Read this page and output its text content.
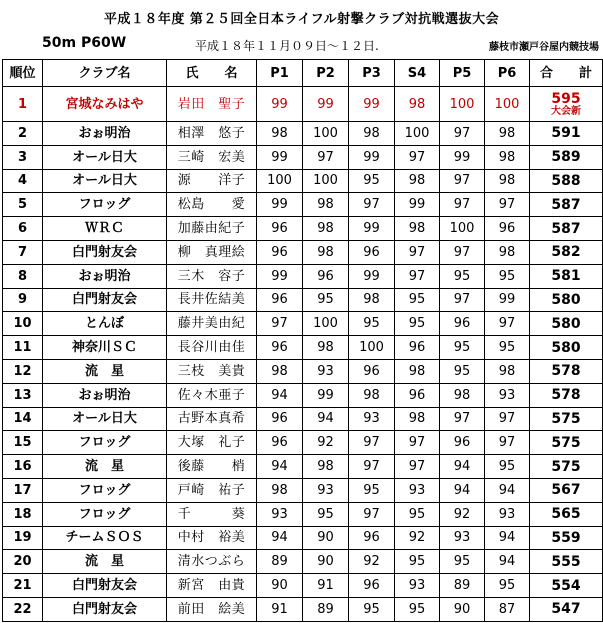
平成１８年度 第２５回全日本ライフル射撃クラブ対抗戦選抜大会
50m P60W	平成１８年１１月０９日～１２日.	藤枝市瀬戸谷屋内競技場
順位	クラブ名	氏　　名	P1	P2	P3	S4	P5	P6	合　　計
1	宮城なみはや	岩田　聖子	99	99	99	98	100	100	595
大会新

2	おぉ明治	相澤　悠子	98	100	98	100	97	98	591
3	オール日大	三崎　宏美	99	97	99	97	99	98	589
4	オール日大	源　　洋子	100	100	95	98	97	98	588
5	フロッグ	松島　　愛	99	98	97	99	97	97	587
6	ＷＲＣ	加藤由紀子	96	98	99	98	100	96	587
7	白門射友会	柳　真理絵	96	98	96	97	97	98	582
8	おぉ明治	三木　容子	99	96	99	97	95	95	581
9	白門射友会	長井佐結美	96	95	98	95	97	99	580
10	とんぼ	藤井美由紀	97	100	95	95	96	97	580
11	神奈川ＳＣ	長谷川由佳	96	98	100	96	95	95	580
12	流　星	三枝　美貴	98	93	96	98	95	98	578
13	おぉ明治	佐々木亜子	94	99	98	96	98	93	578
14	オール日大	古野本真希	96	94	93	98	97	97	575
15	フロッグ	大塚　礼子	96	92	97	97	96	97	575
16	流　星	後藤　　梢	94	98	97	97	94	95	575
17	フロッグ	戸崎　祐子	98	93	95	93	94	94	567
18	フロッグ	千　　　葵	93	95	97	95	92	93	565
19	チームＳＯＳ	中村　裕美	94	90	96	92	93	94	559
20	流　星	清水つぶら	89	90	92	95	95	94	555
21	白門射友会	新宮　由貴	90	91	96	93	89	95	554
22	白門射友会	前田　絵美	91	89	95	95	90	87	547
